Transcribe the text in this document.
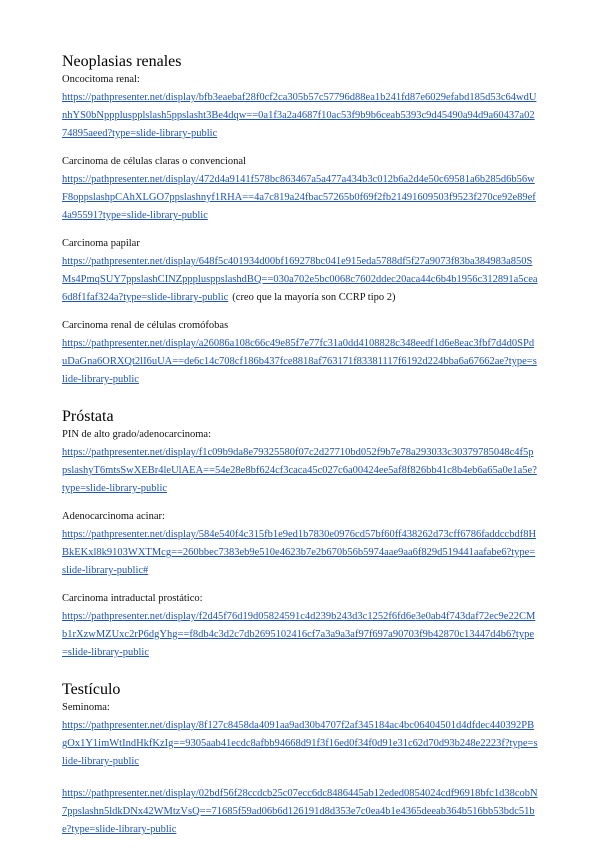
Neoplasias renales
Oncocitoma renal:
https://pathpresenter.net/display/bfb3eaebaf28f0cf2ca305b57c57796d88ea1b241fd87e6029efabd185d53c64wdUnhYS0bNpppluspplslash5ppslasht3Be4dqw==0a1f3a2a4687f10ac53f9b9b6ceab5393c9d45490a94d9a60437a0274895aeed?type=slide-library-public
Carcinoma de células claras o convencional
https://pathpresenter.net/display/472d4a9141f578bc863467a5a477a434b3c012b6a2d4e50c69581a6b285d6b56wF8oppslashpCAhXLGO7ppslashnyf1RHA==4a7c819a24fbac57265b0f69f2fb21491609503f9523f270ce92e89ef4a95591?type=slide-library-public
Carcinoma papilar
https://pathpresenter.net/display/648f5c401934d00bf169278bc041e915eda5788df5f27a9073f83ba384983a850SMs4PmqSUY7ppslashCINZppplusppslashdBQ==030a702e5bc0068c7602ddec20aca44c6b4b1956c312891a5cea6d8f1faf324a?type=slide-library-public (creo que la mayoría son CCRP tipo 2)
Carcinoma renal de células cromófobas
https://pathpresenter.net/display/a26086a108c66c49e85f7e77fc31a0dd4108828c348eedf1d6e8eac3fbf7d4d0SPduDaGna6ORXQt2lI6uUA==de6c14c708cf186b437fce8818af763171f83381117f6192d224bba6a67662ae?type=slide-library-public
Próstata
PIN de alto grado/adenocarcinoma:
https://pathpresenter.net/display/f1c09b9da8e79325580f07c2d27710bd052f9b7e78a293033c30379785048c4f5ppslashyT6mtsSwXEBr4leUlAEA==54e28e8bf624cf3caca45c027c6a00424ee5af8f826bb41c8b4eb6a65a0e1a5e?type=slide-library-public
Adenocarcinoma acinar:
https://pathpresenter.net/display/584e540f4c315fb1e9ed1b7830e0976cd57bf60ff438262d73cff6786faddccbdf8HBkEKxl8k9103WXTMcg==260bbec7383eb9e510e4623b7e2b670b56b5974aae9aa6f829d519441aafabe6?type=slide-library-public#
Carcinoma intraductal prostático:
https://pathpresenter.net/display/f2d45f76d19d05824591c4d239b243d3c1252f6fd6e3e0ab4f743daf72ec9e22CMb1rXzwMZUxc2rP6dgYhg==f8db4c3d2c7db2695102416cf7a3a9a3af97f697a90703f9b42870c13447d4b6?type=slide-library-public
Testículo
Seminoma:
https://pathpresenter.net/display/8f127c8458da4091aa9ad30b4707f2af345184ac4bc06404501d4dfdec440392PBgOx1Y1imWtIndHkfKzIg==9305aab41ecdc8afbb94668d91f3f16ed0f34f0d91e31c62d70d93b248e2223f?type=slide-library-public
https://pathpresenter.net/display/02bdf56f28ccdcb25c07ecc6dc8486445ab12eded0854024cdf96918bfc1d38cobN7ppslashn5ldkDNx42WMtzVsQ==71685f59ad06b6d126191d8d353e7c0ea4b1e4365deeab364b516bb53bdc51be?type=slide-library-public
